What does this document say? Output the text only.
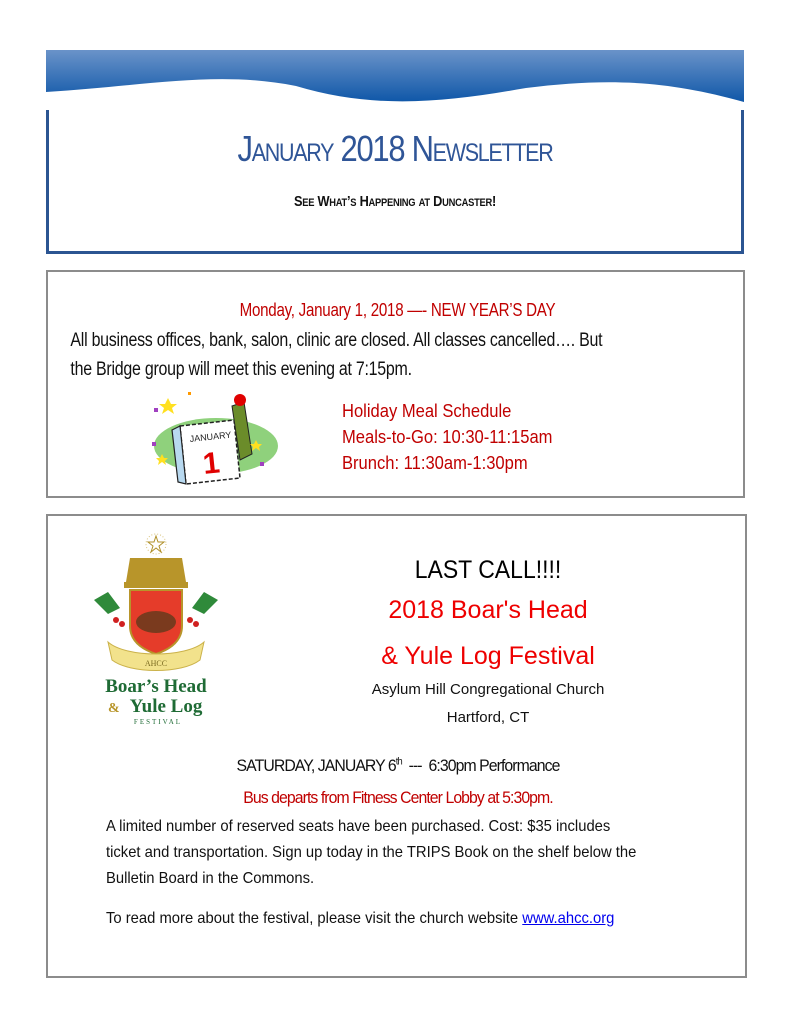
January 2018 Newsletter
See What’s Happening at Duncaster!
Monday, January 1, 2018 —- NEW YEAR’S DAY
All business offices, bank, salon, clinic are closed. All classes cancelled…. But
the Bridge group will meet this evening at 7:15pm.
JANUARY
1
Holiday Meal Schedule
Meals-to-Go: 10:30-11:15am
Brunch: 11:30am-1:30pm
AHCC
Boar’s Head
& Yule Log
FESTIVAL
LAST CALL!!!!
2018 Boar's Head
& Yule Log Festival
Asylum Hill Congregational Church
Hartford, CT
SATURDAY, JANUARY 6th  ---  6:30pm Performance
Bus departs from Fitness Center Lobby at 5:30pm.
A limited number of reserved seats have been purchased. Cost: $35 includes
ticket and transportation. Sign up today in the TRIPS Book on the shelf below the
Bulletin Board in the Commons.
To read more about the festival, please visit the church website www.ahcc.org
